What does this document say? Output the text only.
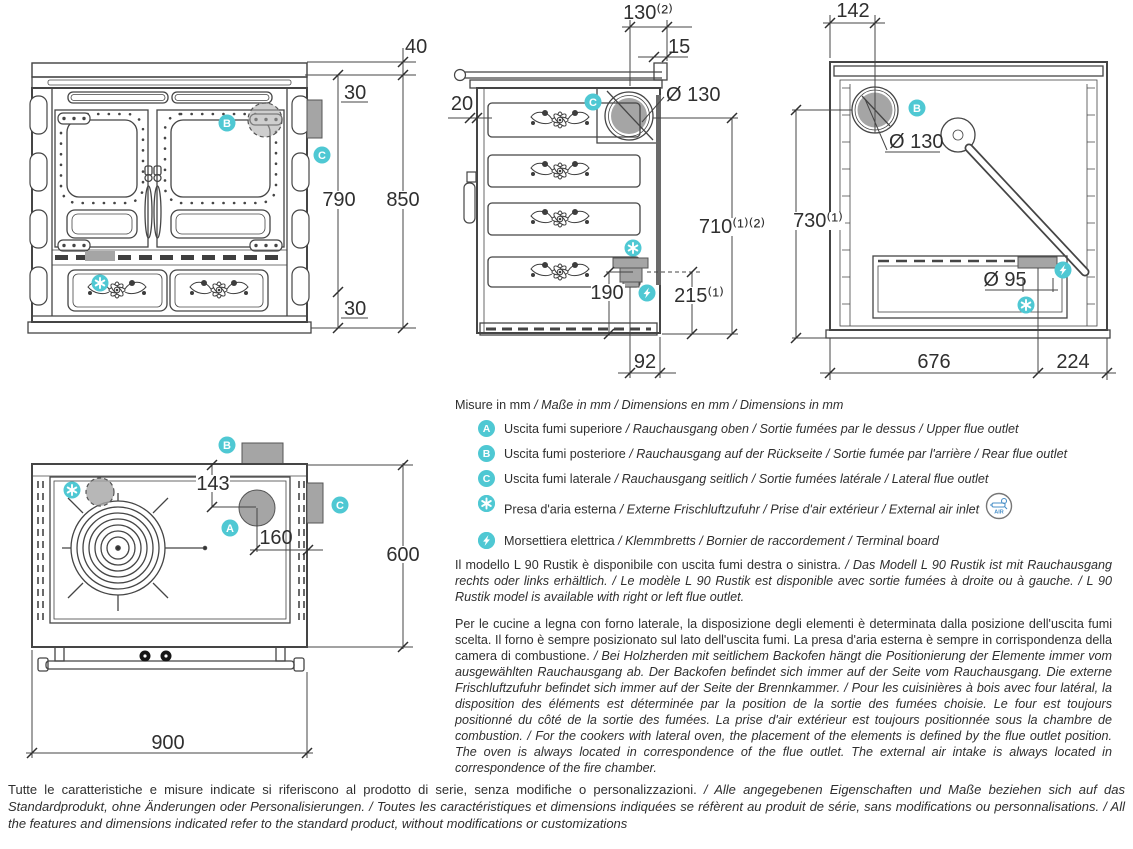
B
C
40
30
790 850
30
C
130⁽²⁾
15
20	Ø 130
710⁽¹⁾⁽²⁾
190	215⁽¹⁾
92
B
142
Ø 130
730⁽¹⁾
Ø 95
676	224
B
A
C
143
160
600
900
Misure in mm / Maße in mm / Dimensions en mm / Dimensions in mm
A	Uscita fumi superiore / Rauchausgang oben / Sortie fumées par le dessus / Upper flue outlet
B	Uscita fumi posteriore / Rauchausgang auf der Rückseite / Sortie fumée par l'arrière / Rear flue outlet
C	Uscita fumi laterale / Rauchausgang seitlich / Sortie fumées latérale / Lateral flue outlet
Presa d'aria esterna / Externe Frischluftzufuhr / Prise d'air extérieur / External air inlet	AIR
Morsettiera elettrica / Klemmbretts / Bornier de raccordement / Terminal board
Il modello L 90 Rustik è disponibile con uscita fumi destra o sinistra. / Das Modell L 90 Rustik ist mit Rauchausgang rechts oder links erhältlich. / Le modèle L 90 Rustik est disponible avec sortie fumées à droite ou à gauche. / L 90 Rustik model is available with right or left flue outlet.
Per le cucine a legna con forno laterale, la disposizione degli elementi è determinata dalla posizione dell'uscita fumi scelta. Il forno è sempre posizionato sul lato dell'uscita fumi. La presa d'aria esterna è sempre in corrispondenza della camera di combustione. / Bei Holzherden mit seitlichem Backofen hängt die Positionierung der Elemente immer vom ausgewählten Rauchausgang ab. Der Backofen befindet sich immer auf der Seite vom Rauchausgang. Die externe Frischluftzufuhr befindet sich immer auf der Seite der Brennkammer. / Pour les cuisinières à bois avec four latéral, la disposition des éléments est déterminée par la position de la sortie des fumées choisie. Le four est toujours positionné du côté de la sortie des fumées. La prise d'air extérieur est toujours positionnée sous la chambre de combustion. / For the cookers with lateral oven, the placement of the elements is defined by the flue outlet position. The oven is always located in correspondence of the flue outlet. The external air intake is always located in correspondence of the fire chamber.
Tutte le caratteristiche e misure indicate si riferiscono al prodotto di serie, senza modifiche o personalizzazioni. / Alle angegebenen Eigenschaften und Maße beziehen sich auf das Standardprodukt, ohne Änderungen oder Personalisierungen. / Toutes les caractéristiques et dimensions indiquées se réfèrent au produit de série, sans modifications ou personnalisations. / All the features and dimensions indicated refer to the standard product, without modifications or customizations
